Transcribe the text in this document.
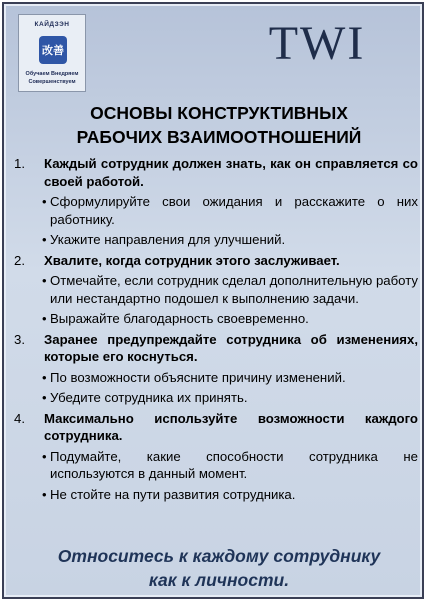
КАЙДЗЭН
改善
Обучаем Внедряем
Совершенствуем
TWI
ОСНОВЫ КОНСТРУКТИВНЫХ
РАБОЧИХ ВЗАИМООТНОШЕНИЙ
1.	Каждый сотрудник должен знать, как он справляется со своей работой.
•
Сформулируйте свои ожидания и расскажите о них работнику.
•
Укажите направления для улучшений.
2.	Хвалите, когда сотрудник этого заслуживает.
•
Отмечайте, если сотрудник сделал дополнительную работу или нестандартно подошел к выполнению задачи.
•
Выражайте благодарность своевременно.
3.	Заранее предупреждайте сотрудника об изменениях, которые его коснуться.
•
По возможности объясните причину изменений.
•
Убедите сотрудника их принять.
4.	Максимально используйте возможности каждого сотрудника.
•
Подумайте, какие способности сотрудника не используются в данный момент.
•
Не стойте на пути развития сотрудника.
Относитесь к каждому сотруднику
как к личности.
